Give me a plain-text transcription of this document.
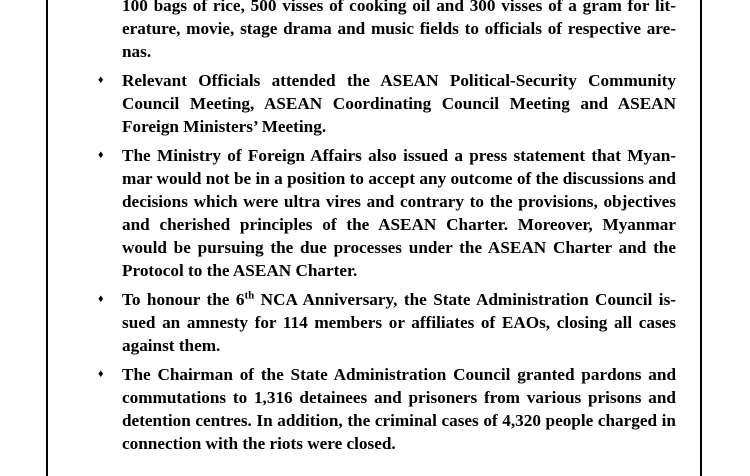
100 bags of rice, 500 visses of cooking oil and 300 visses of a gram for literature, movie, stage drama and music fields to officials of respective arenas.

♦ Relevant Officials attended the ASEAN Political-Security Community Council Meeting, ASEAN Coordinating Council Meeting and ASEAN Foreign Ministers’ Meeting.

♦ The Ministry of Foreign Affairs also issued a press statement that Myanmar would not be in a position to accept any outcome of the discussions and decisions which were ultra vires and contrary to the provisions, objectives and cherished principles of the ASEAN Charter. Moreover, Myanmar would be pursuing the due processes under the ASEAN Charter and the Protocol to the ASEAN Charter.

♦ To honour the 6th NCA Anniversary, the State Administration Council issued an amnesty for 114 members or affiliates of EAOs, closing all cases against them.

♦ The Chairman of the State Administration Council granted pardons and commutations to 1,316 detainees and prisoners from various prisons and detention centres. In addition, the criminal cases of 4,320 people charged in connection with the riots were closed.
